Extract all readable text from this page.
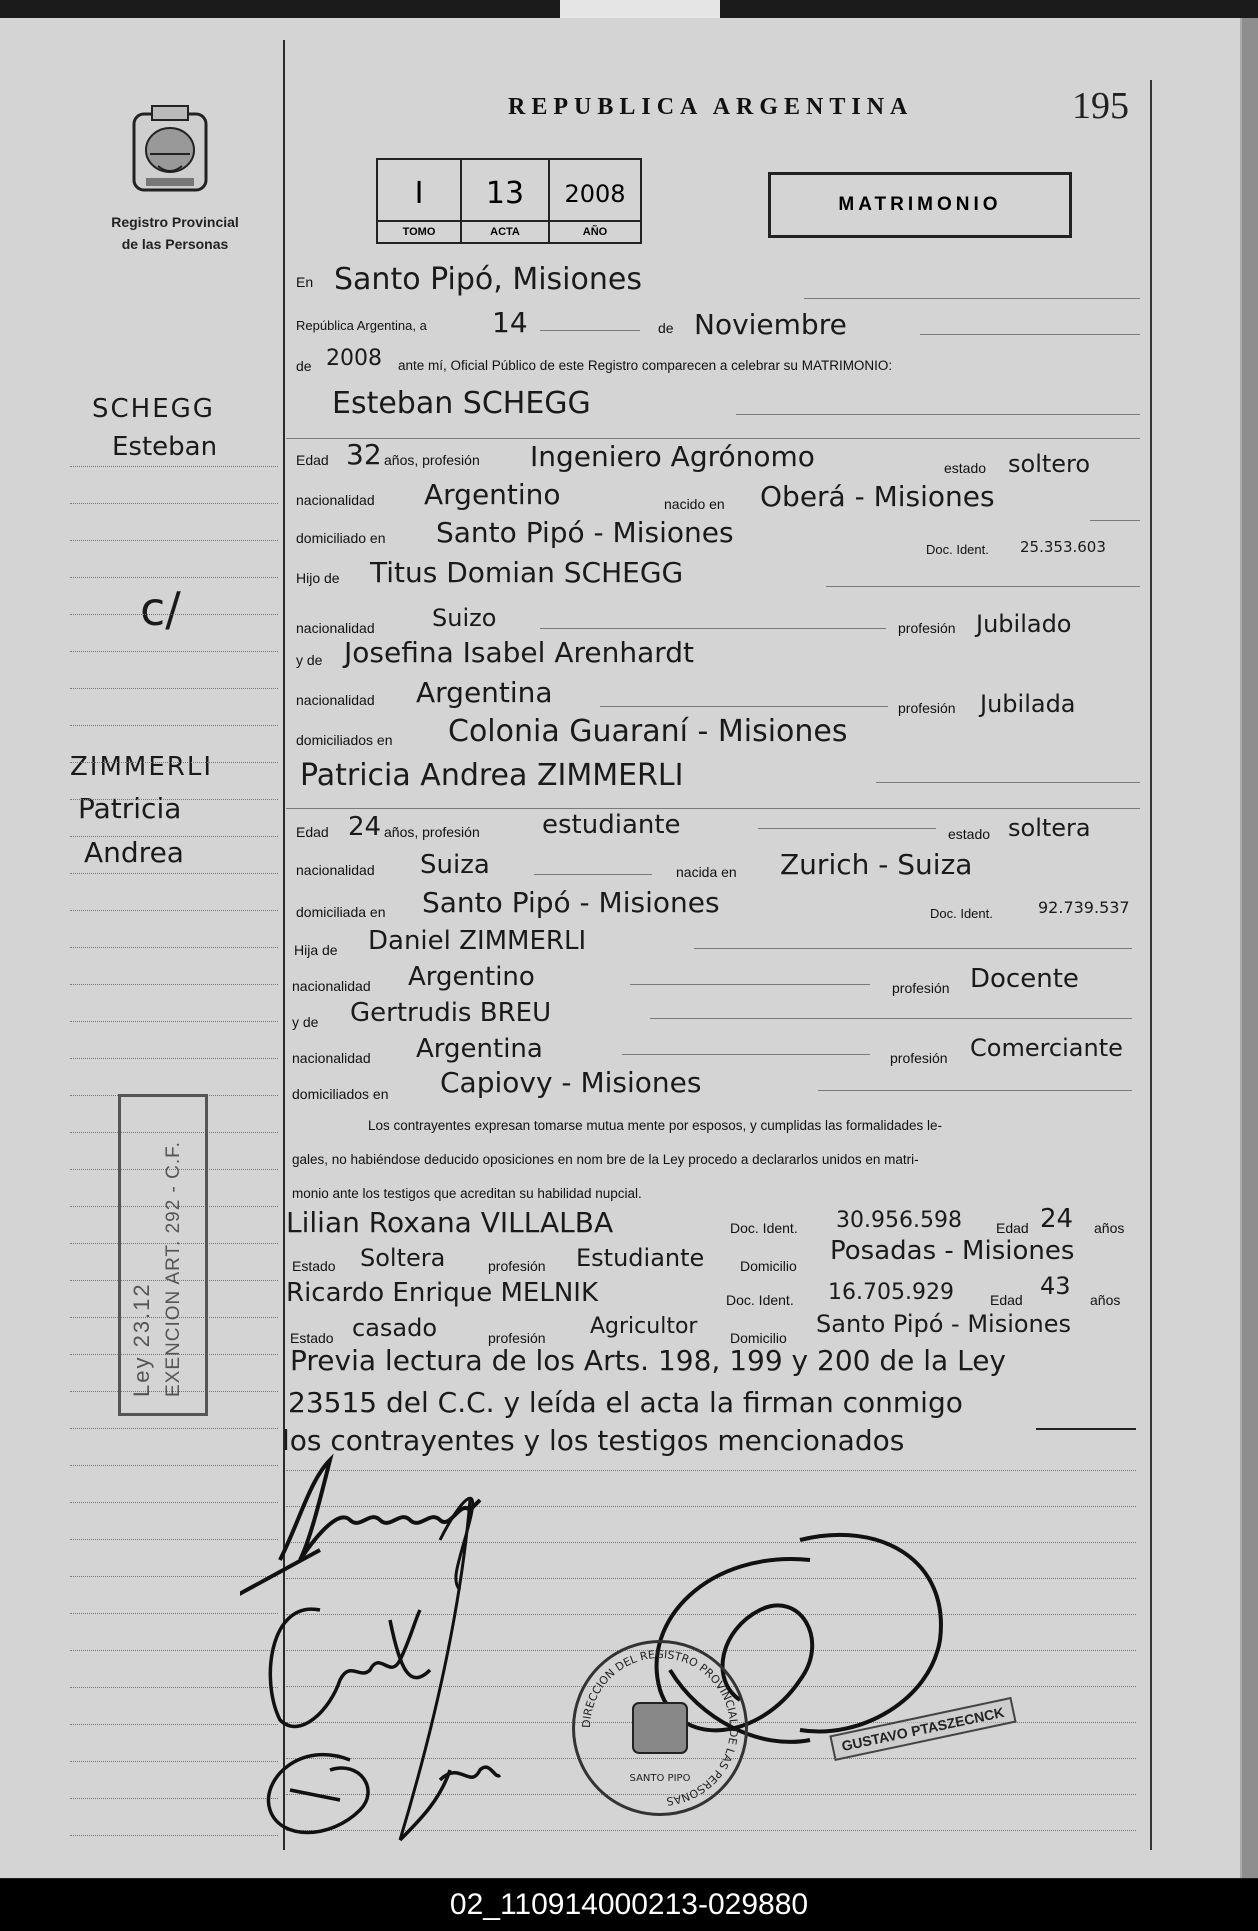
REPUBLICA ARGENTINA	195
Registro Provincial
de las Personas
I
TOMO
13
ACTA
2008
AÑO
MATRIMONIO
SCHEGG
Esteban
c/
ZIMMERLI
Patricia
Andrea
Ley 23.12 EXENCION ART. 292 - C.F.
En Santo Pipó, Misiones
República Argentina, a 14	de Noviembre
de 2008 ante mí, Oficial Público de este Registro comparecen a celebrar su MATRIMONIO:
Esteban SCHEGG
Edad 32 años, profesión Ingeniero Agrónomo	estado soltero
nacionalidad Argentino	nacido en Oberá - Misiones
domiciliado en Santo Pipó - Misiones
Doc. Ident. 25.353.603
Hijo de Titus Domian SCHEGG
nacionalidad Suizo	profesión Jubilado
y de Josefina Isabel Arenhardt
nacionalidad Argentina	profesión Jubilada
domiciliados en Colonia Guaraní - Misiones
Patricia Andrea ZIMMERLI
Edad 24 años, profesión estudiante	estado soltera
nacionalidad Suiza	nacida en Zurich - Suiza
domiciliada en Santo Pipó - Misiones	Doc. Ident.	92.739.537
Hija de Daniel ZIMMERLI
nacionalidad Argentino	profesión Docente
y de Gertrudis BREU
nacionalidad Argentina	profesión Comerciante
domiciliados en Capiovy - Misiones
Los contrayentes expresan tomarse mutua mente por esposos, y cumplidas las formalidades le-
gales, no habiéndose deducido oposiciones en nom bre de la Ley procedo a declararlos unidos en matri-
monio ante los testigos que acreditan su habilidad nupcial.
Lilian Roxana VILLALBA	Doc. Ident. 30.956.598 Edad 24 años
Estado Soltera	profesión Estudiante	Domicilio Posadas - Misiones
Ricardo Enrique MELNIK	Doc. Ident. 16.705.929	Edad 43 años
Estado casado	profesión Agricultor Domicilio Santo Pipó - Misiones
Previa lectura de los Arts. 198, 199 y 200 de la Ley
23515 del C.C. y leída el acta la firman conmigo
los contrayentes y los testigos mencionados
DIRECCION DEL REGISTRO PROVINCIAL DE LAS PERSONAS
SANTO PIPO
GUSTAVO PTASZECNCK
02_110914000213-029880
